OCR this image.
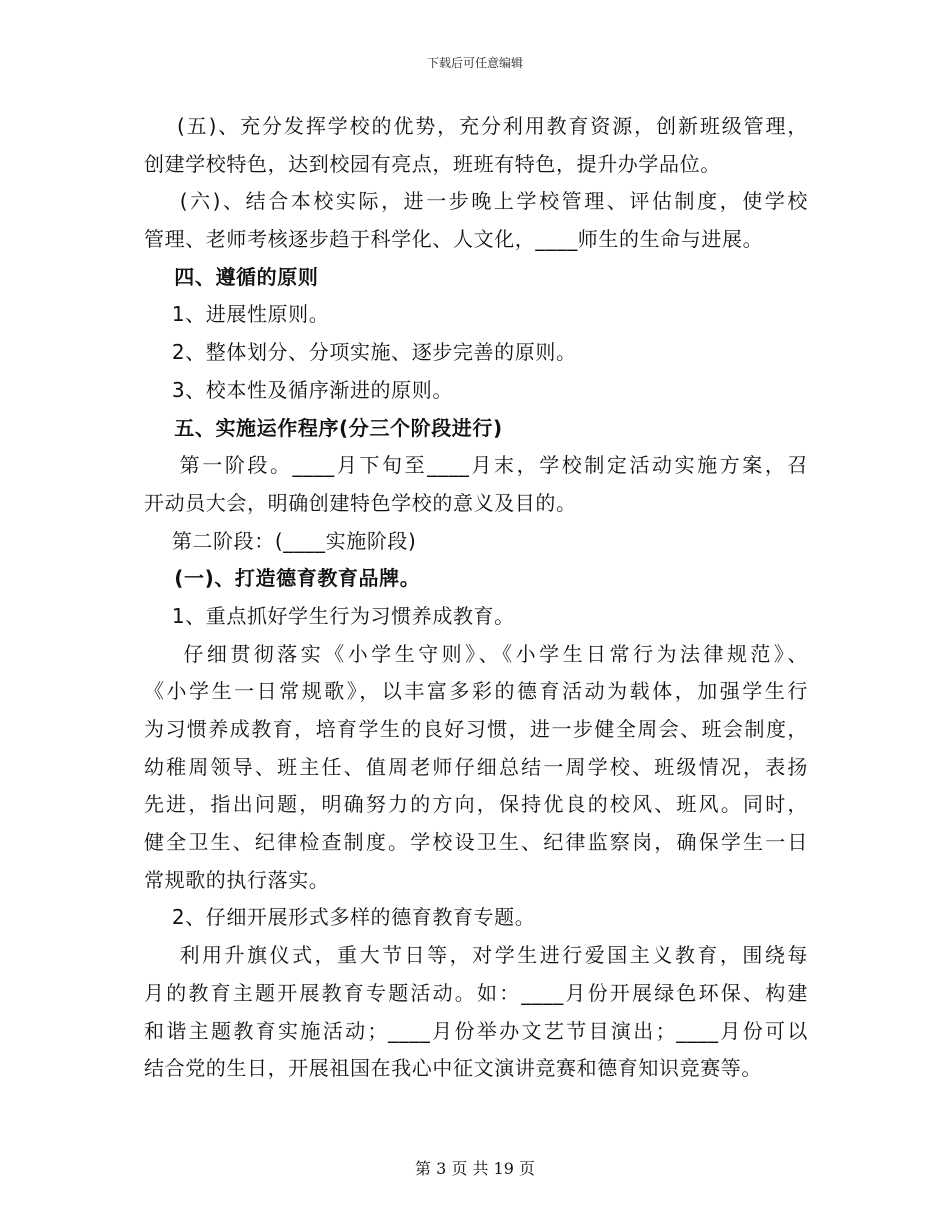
下载后可任意编辑
(五)、充分发挥学校的优势，充分利用教育资源，创新班级管理，
创建学校特色，达到校园有亮点，班班有特色，提升办学品位。
(六)、结合本校实际，进一步晚上学校管理、评估制度，使学校
管理、老师考核逐步趋于科学化、人文化，____师生的生命与进展。
四、遵循的原则
1、进展性原则。
2、整体划分、分项实施、逐步完善的原则。
3、校本性及循序渐进的原则。
五、实施运作程序(分三个阶段进行)
第一阶段。____月下旬至____月末，学校制定活动实施方案，召
开动员大会，明确创建特色学校的意义及目的。
第二阶段：(____实施阶段)
(一)、打造德育教育品牌。
1、重点抓好学生行为习惯养成教育。
仔细贯彻落实《小学生守则》、《小学生日常行为法律规范》、
《小学生一日常规歌》，以丰富多彩的德育活动为载体，加强学生行
为习惯养成教育，培育学生的良好习惯，进一步健全周会、班会制度，
幼稚周领导、班主任、值周老师仔细总结一周学校、班级情况，表扬
先进，指出问题，明确努力的方向，保持优良的校风、班风。同时，
健全卫生、纪律检查制度。学校设卫生、纪律监察岗，确保学生一日
常规歌的执行落实。
2、仔细开展形式多样的德育教育专题。
利用升旗仪式，重大节日等，对学生进行爱国主义教育，围绕每
月的教育主题开展教育专题活动。如：____月份开展绿色环保、构建
和谐主题教育实施活动；____月份举办文艺节目演出；____月份可以
结合党的生日，开展祖国在我心中征文演讲竞赛和德育知识竞赛等。
第 3 页 共 19 页
